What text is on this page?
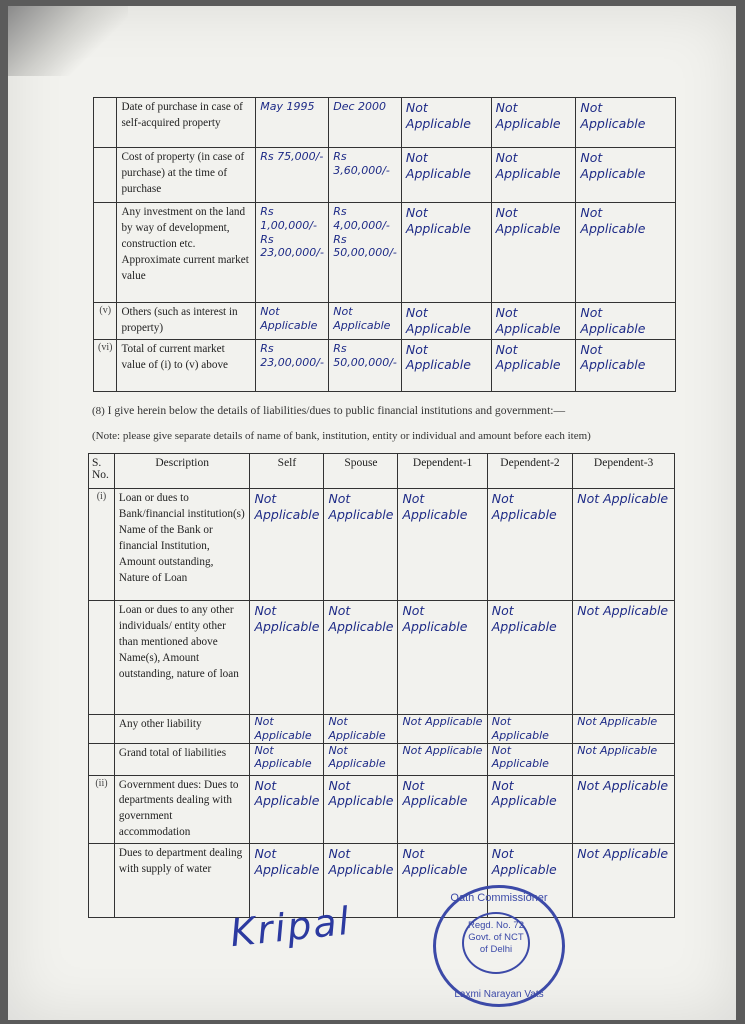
	Date of purchase in case of self-acquired property	May 1995	Dec 2000	Not Applicable	Not Applicable	Not Applicable
	Cost of property (in case of purchase) at the time of purchase	Rs 75,000/-	Rs 3,60,000/-	Not Applicable	Not Applicable	Not Applicable
	Any investment on the land by way of development, construction etc. Approximate current market value	Rs 1,00,000/- Rs 23,00,000/-	Rs 4,00,000/- Rs 50,00,000/-	Not Applicable	Not Applicable	Not Applicable
(v)	Others (such as interest in property)	Not Applicable	Not Applicable	Not Applicable	Not Applicable	Not Applicable
(vi)	Total of current market value of (i) to (v) above	Rs 23,00,000/-	Rs 50,00,000/-	Not Applicable	Not Applicable	Not Applicable
(8) I give herein below the details of liabilities/dues to public financial institutions and government:—
(Note: please give separate details of name of bank, institution, entity or individual and amount before each item)
S. No.	Description	Self	Spouse	Dependent-1	Dependent-2	Dependent-3
(i)	Loan or dues to Bank/financial institution(s) Name of the Bank or financial Institution, Amount outstanding, Nature of Loan	Not Applicable	Not Applicable	Not Applicable	Not Applicable	Not Applicable
	Loan or dues to any other individuals/ entity other than mentioned above Name(s), Amount outstanding, nature of loan	Not Applicable	Not Applicable	Not Applicable	Not Applicable	Not Applicable
	Any other liability	Not Applicable	Not Applicable	Not Applicable	Not Applicable	Not Applicable
	Grand total of liabilities	Not Applicable	Not Applicable	Not Applicable	Not Applicable	Not Applicable
(ii)	Government dues: Dues to departments dealing with government accommodation	Not Applicable	Not Applicable	Not Applicable	Not Applicable	Not Applicable
	Dues to department dealing with supply of water	Not Applicable	Not Applicable	Not Applicable	Not Applicable	Not Applicable
Kripal
Oath Commissioner
Regd. No. 72
Govt. of NCT
of Delhi
Laxmi Narayan Vats
